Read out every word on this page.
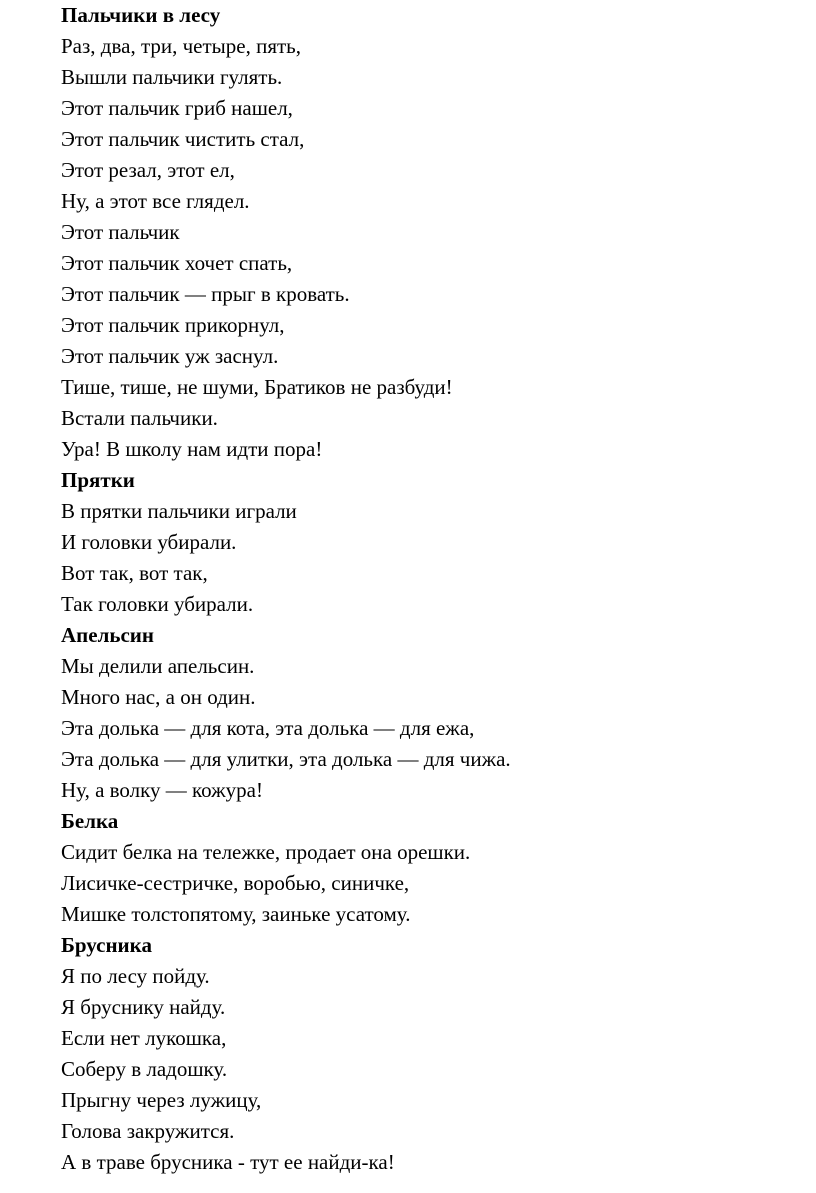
Пальчики в лесу
Раз, два, три, четыре, пять,
Вышли пальчики гулять.
Этот пальчик гриб нашел,
Этот пальчик чистить стал,
Этот резал, этот ел,
Ну, а этот все глядел.
Этот пальчик
Этот пальчик хочет спать,
Этот пальчик — прыг в кровать.
Этот пальчик прикорнул,
Этот пальчик уж заснул.
Тише, тише, не шуми, Братиков не разбуди!
Встали пальчики.
Ура! В школу нам идти пора!
Прятки
В прятки пальчики играли
И головки убирали.
Вот так, вот так,
Так головки убирали.
Апельсин
Мы делили апельсин.
Много нас, а он один.
Эта долька — для кота, эта долька — для ежа,
Эта долька — для улитки, эта долька — для чижа.
Ну, а волку — кожура!
Белка
Сидит белка на тележке, продает она орешки.
Лисичке-сестричке, воробью, синичке,
Мишке толстопятому, заиньке усатому.
Брусника
Я по лесу пойду.
Я бруснику найду.
Если нет лукошка,
Соберу в ладошку.
Прыгну через лужицу,
Голова закружится.
А в траве брусника - тут ее найди-ка!
